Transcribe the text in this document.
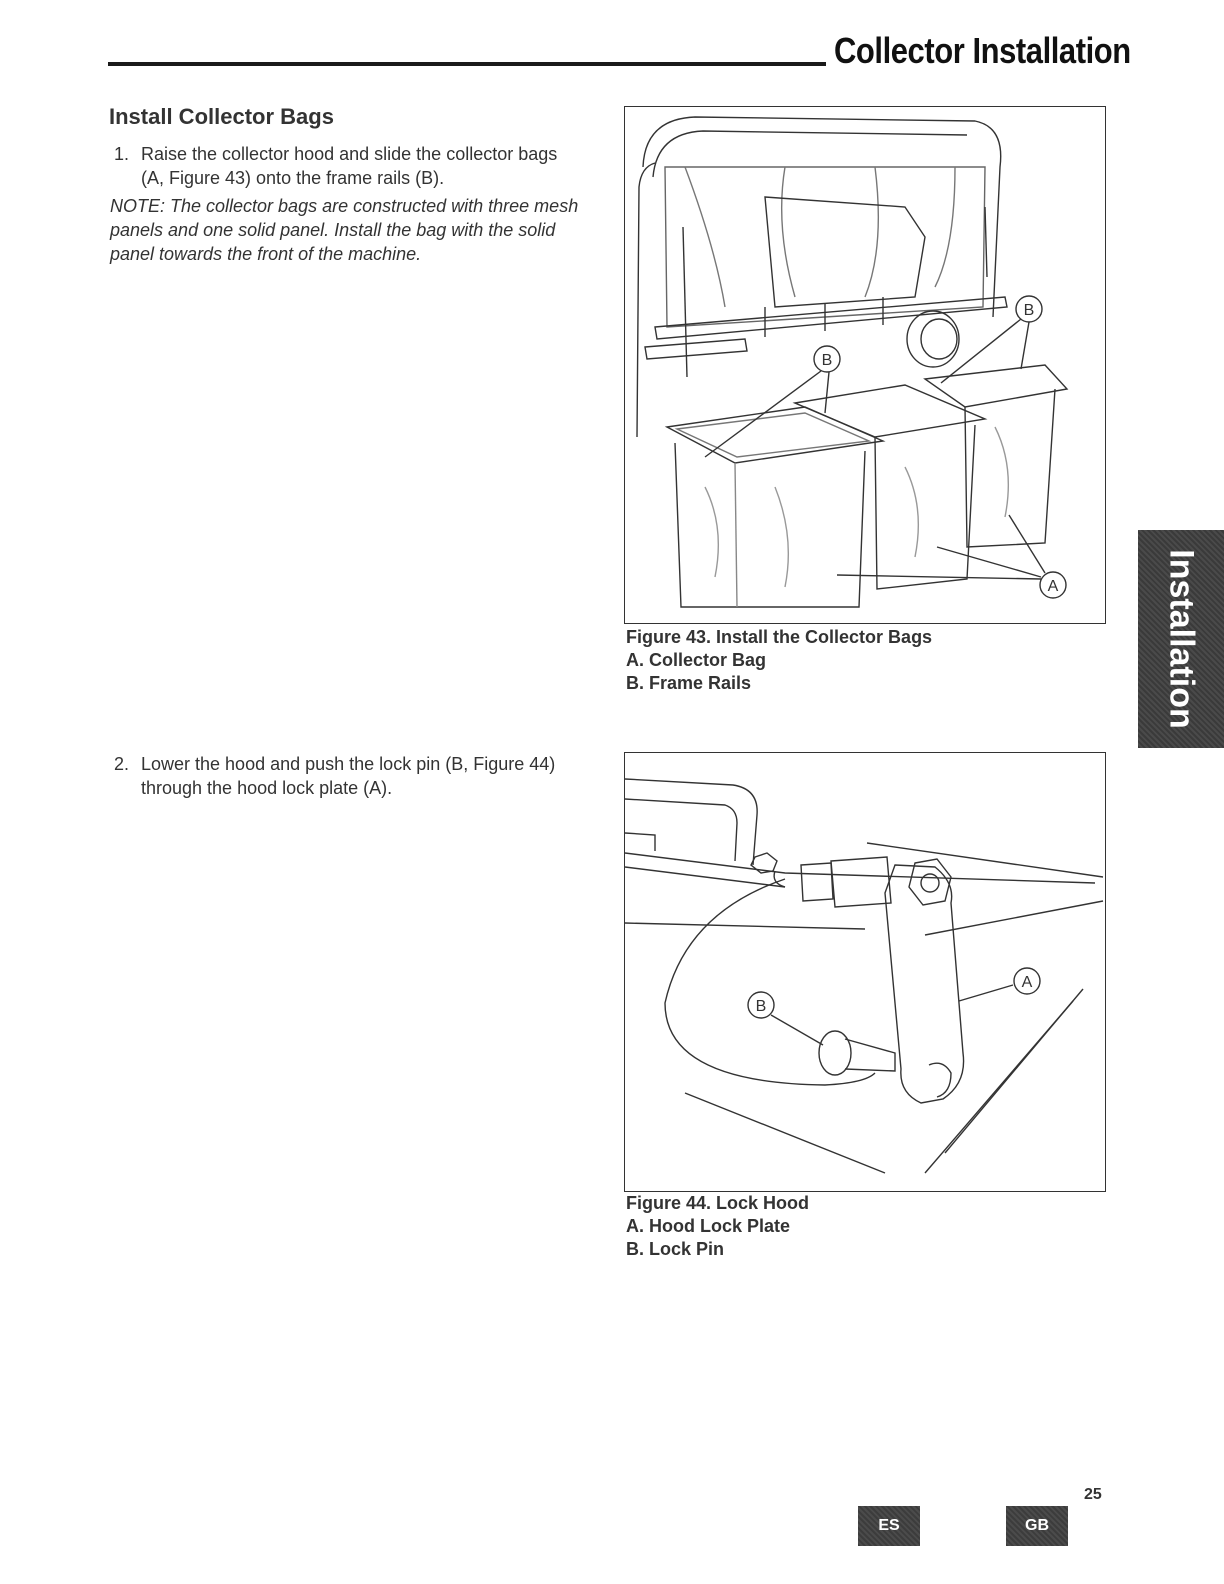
Collector Installation
Install Collector Bags
1. Raise the collector hood and slide the collector bags (A, Figure 43) onto the frame rails (B).
NOTE: The collector bags are constructed with three mesh panels and one solid panel. Install the bag with the solid panel towards the front of the machine.
2. Lower the hood and push the lock pin (B, Figure 44) through the hood lock plate (A).
B
B
A
Figure 43. Install the Collector Bags
A. Collector Bag
B. Frame Rails
A
B
Figure 44. Lock Hood
A. Hood Lock Plate
B. Lock Pin
Installation
ES	GB
25
